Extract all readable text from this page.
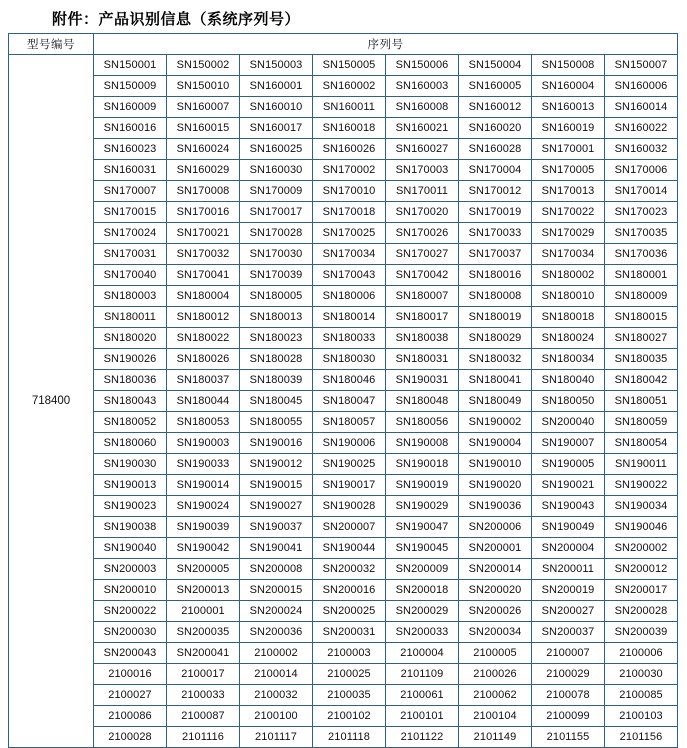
附件：产品识别信息（系统序列号）
型号编号	序列号							
718400	SN150001	SN150002	SN150003	SN150005	SN150006	SN150004	SN150008	SN150007
	SN150009	SN150010	SN160001	SN160002	SN160003	SN160005	SN160004	SN160006
	SN160009	SN160007	SN160010	SN160011	SN160008	SN160012	SN160013	SN160014
	SN160016	SN160015	SN160017	SN160018	SN160021	SN160020	SN160019	SN160022
	SN160023	SN160024	SN160025	SN160026	SN160027	SN160028	SN170001	SN160032
	SN160031	SN160029	SN160030	SN170002	SN170003	SN170004	SN170005	SN170006
	SN170007	SN170008	SN170009	SN170010	SN170011	SN170012	SN170013	SN170014
	SN170015	SN170016	SN170017	SN170018	SN170020	SN170019	SN170022	SN170023
	SN170024	SN170021	SN170028	SN170025	SN170026	SN170033	SN170029	SN170035
	SN170031	SN170032	SN170030	SN170034	SN170027	SN170037	SN170034	SN170036
	SN170040	SN170041	SN170039	SN170043	SN170042	SN180016	SN180002	SN180001
	SN180003	SN180004	SN180005	SN180006	SN180007	SN180008	SN180010	SN180009
	SN180011	SN180012	SN180013	SN180014	SN180017	SN180019	SN180018	SN180015
	SN180020	SN180022	SN180023	SN180033	SN180038	SN180029	SN180024	SN180027
	SN190026	SN180026	SN180028	SN180030	SN180031	SN180032	SN180034	SN180035
	SN180036	SN180037	SN180039	SN180046	SN190031	SN180041	SN180040	SN180042
	SN180043	SN180044	SN180045	SN180047	SN180048	SN180049	SN180050	SN180051
	SN180052	SN180053	SN180055	SN180057	SN180056	SN190002	SN200040	SN180059
	SN180060	SN190003	SN190016	SN190006	SN190008	SN190004	SN190007	SN180054
	SN190030	SN190033	SN190012	SN190025	SN190018	SN190010	SN190005	SN190011
	SN190013	SN190014	SN190015	SN190017	SN190019	SN190020	SN190021	SN190022
	SN190023	SN190024	SN190027	SN190028	SN190029	SN190036	SN190043	SN190034
	SN190038	SN190039	SN190037	SN200007	SN190047	SN200006	SN190049	SN190046
	SN190040	SN190042	SN190041	SN190044	SN190045	SN200001	SN200004	SN200002
	SN200003	SN200005	SN200008	SN200032	SN200009	SN200014	SN200011	SN200012
	SN200010	SN200013	SN200015	SN200016	SN200018	SN200020	SN200019	SN200017
	SN200022	2100001	SN200024	SN200025	SN200029	SN200026	SN200027	SN200028
	SN200030	SN200035	SN200036	SN200031	SN200033	SN200034	SN200037	SN200039
	SN200043	SN200041	2100002	2100003	2100004	2100005	2100007	2100006
	2100016	2100017	2100014	2100025	2101109	2100026	2100029	2100030
	2100027	2100033	2100032	2100035	2100061	2100062	2100078	2100085
	2100086	2100087	2100100	2100102	2100101	2100104	2100099	2100103
	2100028	2101116	2101117	2101118	2101122	2101149	2101155	2101156
